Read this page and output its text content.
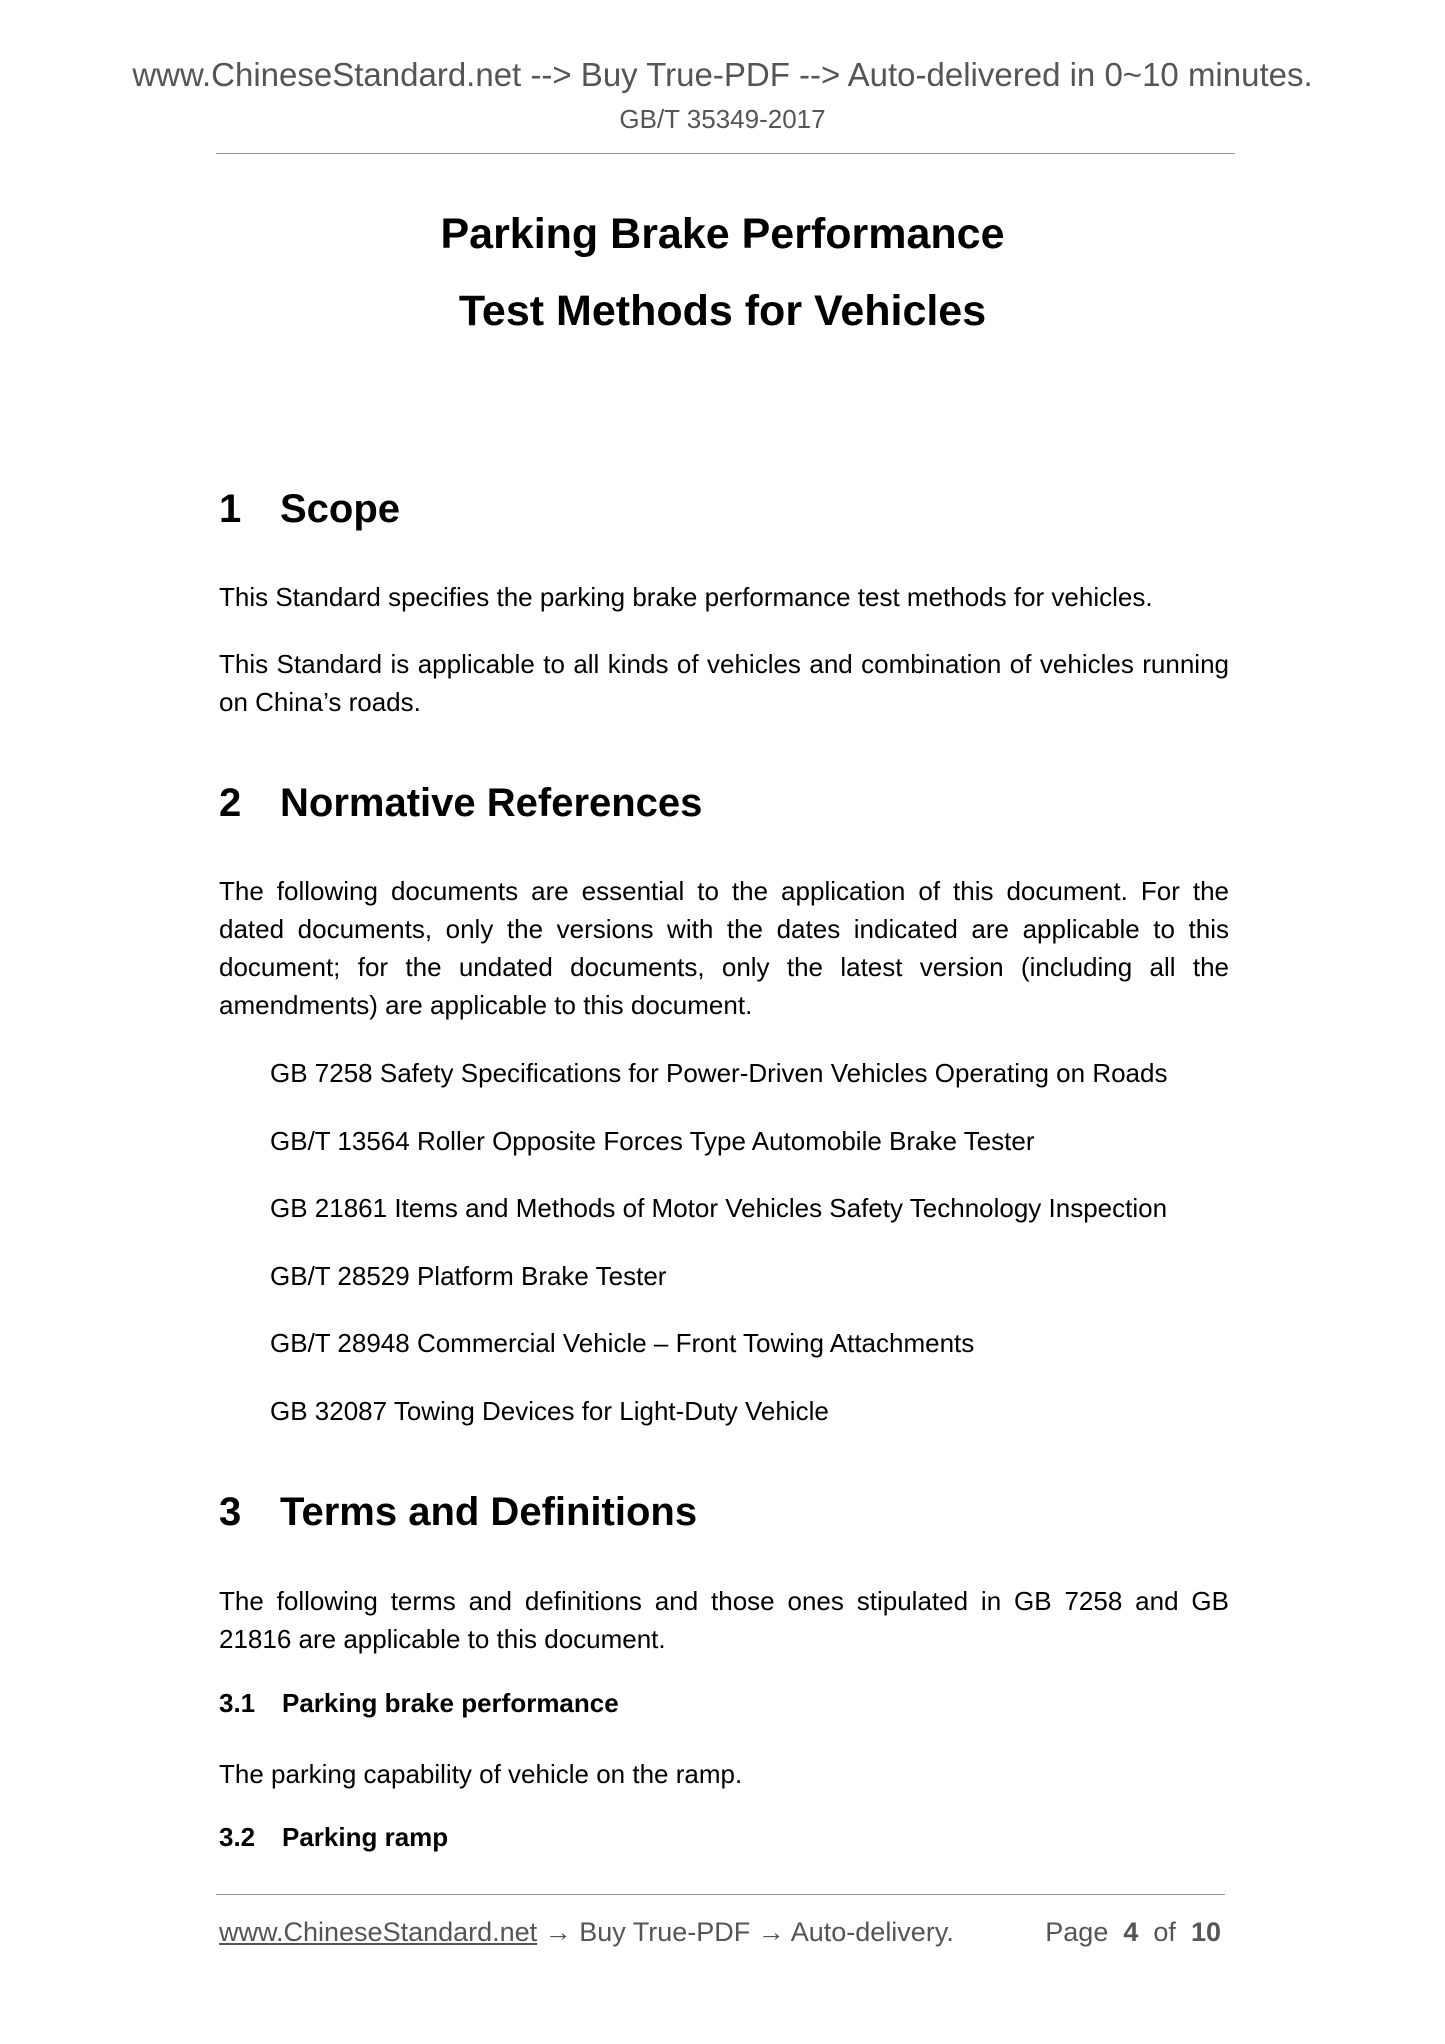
www.ChineseStandard.net --> Buy True-PDF --> Auto-delivered in 0~10 minutes.
GB/T 35349-2017
Parking Brake Performance
Test Methods for Vehicles
1 Scope
This Standard specifies the parking brake performance test methods for vehicles.
This Standard is applicable to all kinds of vehicles and combination of vehicles running on China’s roads.
2 Normative References
The following documents are essential to the application of this document. For the dated documents, only the versions with the dates indicated are applicable to this document; for the undated documents, only the latest version (including all the amendments) are applicable to this document.
GB 7258 Safety Specifications for Power-Driven Vehicles Operating on Roads
GB/T 13564 Roller Opposite Forces Type Automobile Brake Tester
GB 21861 Items and Methods of Motor Vehicles Safety Technology Inspection
GB/T 28529 Platform Brake Tester
GB/T 28948 Commercial Vehicle – Front Towing Attachments
GB 32087 Towing Devices for Light-Duty Vehicle
3 Terms and Definitions
The following terms and definitions and those ones stipulated in GB 7258 and GB 21816 are applicable to this document.
3.1 Parking brake performance
The parking capability of vehicle on the ramp.
3.2 Parking ramp
www.ChineseStandard.net → Buy True-PDF → Auto-delivery.	Page 4 of 10
